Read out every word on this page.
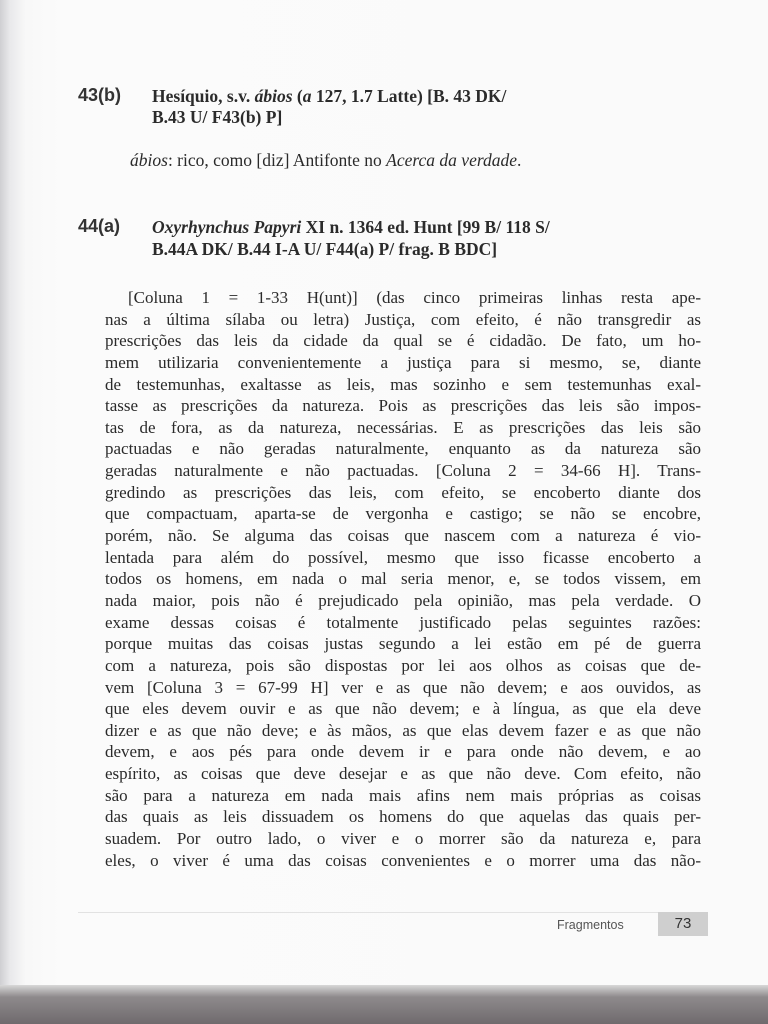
43(b) Hesíquio, s.v. ábios (a 127, 1.7 Latte) [B. 43 DK/
B.43 U/ F43(b) P]
ábios: rico, como [diz] Antifonte no Acerca da verdade.
44(a) Oxyrhynchus Papyri XI n. 1364 ed. Hunt [99 B/ 118 S/
B.44A DK/ B.44 I-A U/ F44(a) P/ frag. B BDC]
[Coluna 1 = 1-33 H(unt)] (das cinco primeiras linhas resta ape-
nas a última sílaba ou letra) Justiça, com efeito, é não transgredir as
prescrições das leis da cidade da qual se é cidadão. De fato, um ho-
mem utilizaria convenientemente a justiça para si mesmo, se, diante
de testemunhas, exaltasse as leis, mas sozinho e sem testemunhas exal-
tasse as prescrições da natureza. Pois as prescrições das leis são impos-
tas de fora, as da natureza, necessárias. E as prescrições das leis são
pactuadas e não geradas naturalmente, enquanto as da natureza são
geradas naturalmente e não pactuadas. [Coluna 2 = 34-66 H]. Trans-
gredindo as prescrições das leis, com efeito, se encoberto diante dos
que compactuam, aparta-se de vergonha e castigo; se não se encobre,
porém, não. Se alguma das coisas que nascem com a natureza é vio-
lentada para além do possível, mesmo que isso ficasse encoberto a
todos os homens, em nada o mal seria menor, e, se todos vissem, em
nada maior, pois não é prejudicado pela opinião, mas pela verdade. O
exame dessas coisas é totalmente justificado pelas seguintes razões:
porque muitas das coisas justas segundo a lei estão em pé de guerra
com a natureza, pois são dispostas por lei aos olhos as coisas que de-
vem [Coluna 3 = 67-99 H] ver e as que não devem; e aos ouvidos, as
que eles devem ouvir e as que não devem; e à língua, as que ela deve
dizer e as que não deve; e às mãos, as que elas devem fazer e as que não
devem, e aos pés para onde devem ir e para onde não devem, e ao
espírito, as coisas que deve desejar e as que não deve. Com efeito, não
são para a natureza em nada mais afins nem mais próprias as coisas
das quais as leis dissuadem os homens do que aquelas das quais per-
suadem. Por outro lado, o viver e o morrer são da natureza e, para
eles, o viver é uma das coisas convenientes e o morrer uma das não-
Fragmentos	73
